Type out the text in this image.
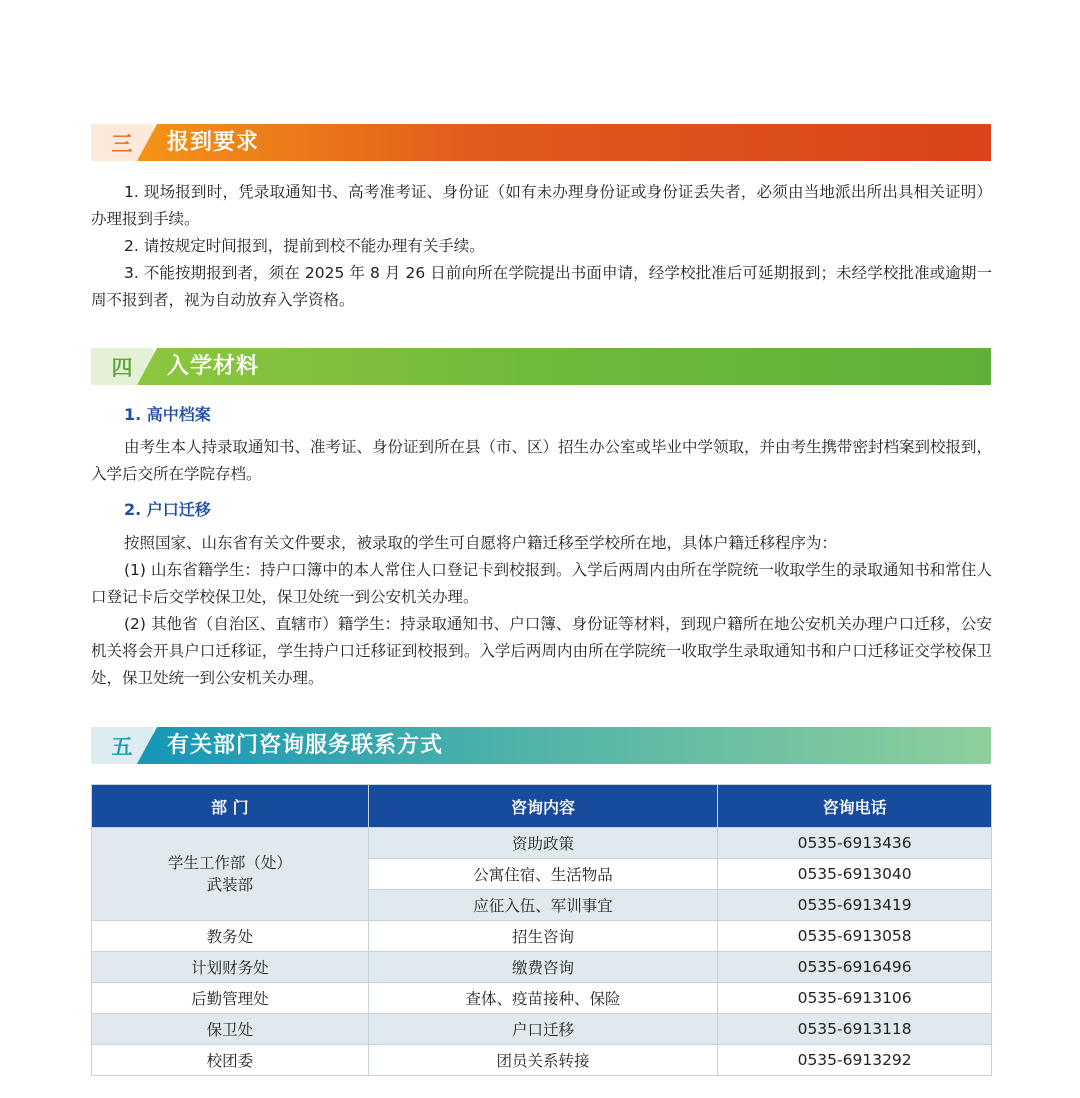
三	报到要求

1. 现场报到时，凭录取通知书、高考准考证、身份证（如有未办理身份证或身份证丢失者，必须由当地派出所出具相关证明）办理报到手续。

2. 请按规定时间报到，提前到校不能办理有关手续。

3. 不能按期报到者，须在 2025 年 8 月 26 日前向所在学院提出书面申请，经学校批准后可延期报到；未经学校批准或逾期一周不报到者，视为自动放弃入学资格。

四	入学材料
1. 高中档案

由考生本人持录取通知书、准考证、身份证到所在县（市、区）招生办公室或毕业中学领取，并由考生携带密封档案到校报到，入学后交所在学院存档。

2. 户口迁移

按照国家、山东省有关文件要求，被录取的学生可自愿将户籍迁移至学校所在地，具体户籍迁移程序为：

(1) 山东省籍学生：持户口簿中的本人常住人口登记卡到校报到。入学后两周内由所在学院统一收取学生的录取通知书和常住人口登记卡后交学校保卫处，保卫处统一到公安机关办理。

(2) 其他省（自治区、直辖市）籍学生：持录取通知书、户口簿、身份证等材料，到现户籍所在地公安机关办理户口迁移，公安机关将会开具户口迁移证，学生持户口迁移证到校报到。入学后两周内由所在学院统一收取学生录取通知书和户口迁移证交学校保卫处，保卫处统一到公安机关办理。

五	有关部门咨询服务联系方式
部 门	咨询内容	咨询电话
学生工作部（处）
武装部	资助政策	0535-6913436
	公寓住宿、生活物品	0535-6913040
	应征入伍、军训事宜	0535-6913419
教务处	招生咨询	0535-6913058
计划财务处	缴费咨询	0535-6916496
后勤管理处	查体、疫苗接种、保险	0535-6913106
保卫处	户口迁移	0535-6913118
校团委	团员关系转接	0535-6913292
